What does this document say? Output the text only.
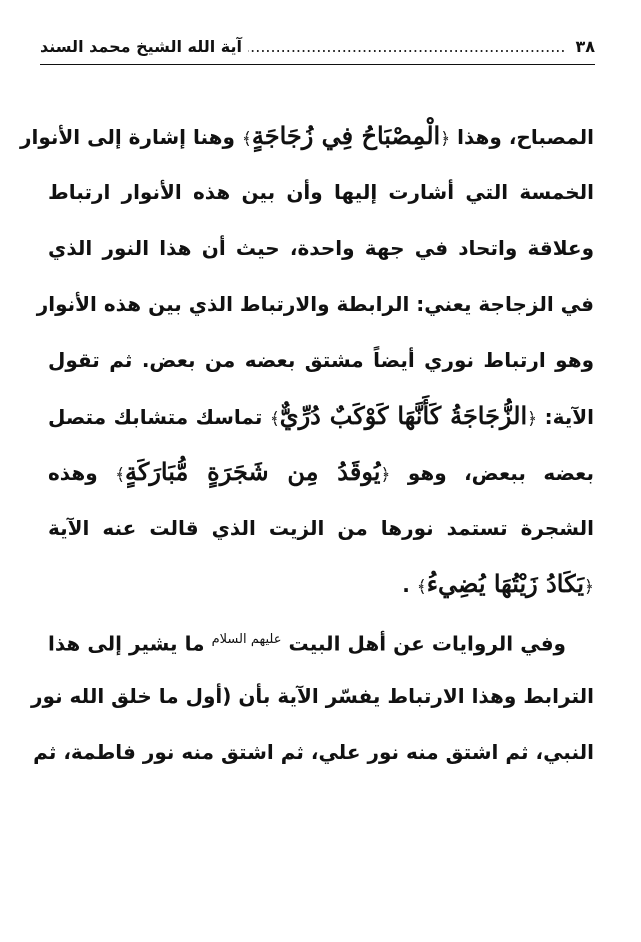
٣٨
.....
آية الله الشيخ محمد السند
المصباح، وهذا ﴿الْمِصْبَاحُ فِي زُجَاجَةٍ﴾ وهنا إشارة إلى الأنوار
الخمسة التي أشارت إليها وأن بين هذه الأنوار ارتباط
وعلاقة واتحاد في جهة واحدة، حيث أن هذا النور الذي
في الزجاجة يعني: الرابطة والارتباط الذي بين هذه الأنوار
وهو ارتباط نوري أيضاً مشتق بعضه من بعض. ثم تقول
الآية: ﴿الزُّجَاجَةُ كَأَنَّهَا كَوْكَبٌ دُرِّيٌّ﴾ تماسك متشابك متصل
بعضه ببعض، وهو ﴿يُوقَدُ مِن شَجَرَةٍ مُّبَارَكَةٍ﴾ وهذه
الشجرة تستمد نورها من الزيت الذي قالت عنه الآية
﴿يَكَادُ زَيْتُهَا يُضِيءُ﴾ .
وفي الروايات عن أهل البيت $^{عليهم السلام}$ ما يشير إلى هذا
الترابط وهذا الارتباط يفسّر الآية بأن (أول ما خلق الله نور
النبي، ثم اشتق منه نور علي، ثم اشتق منه نور فاطمة، ثم
